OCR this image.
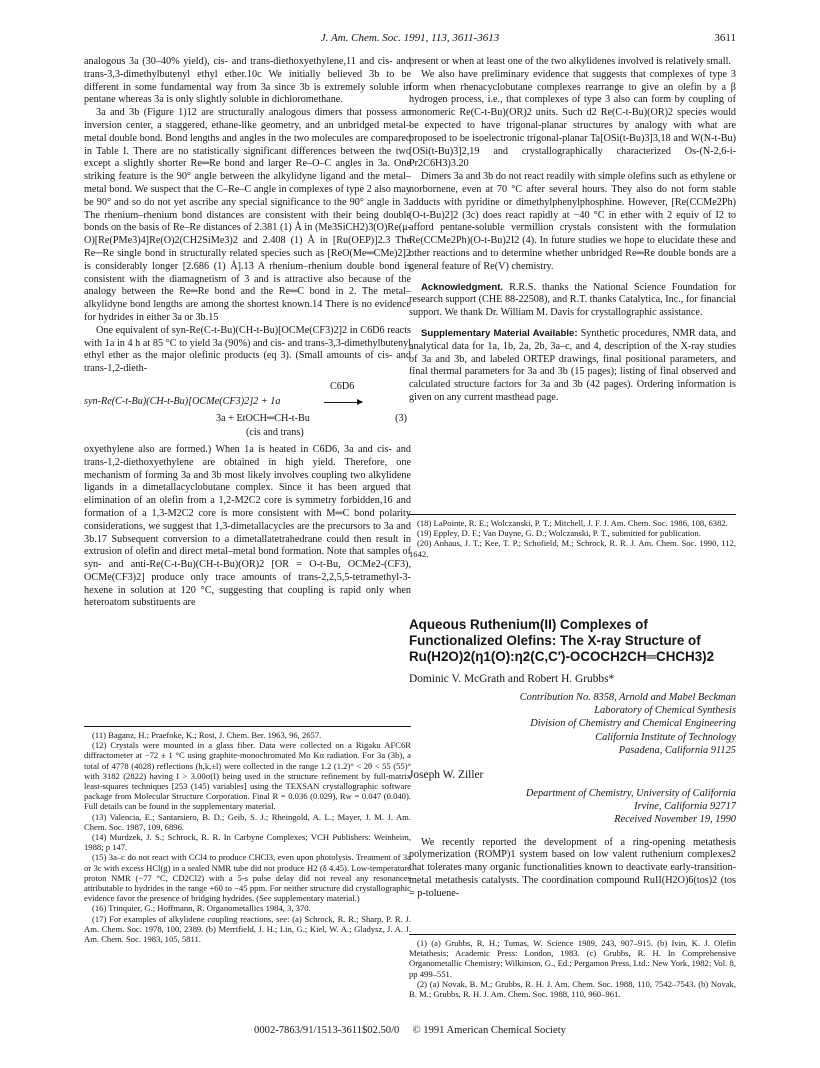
J. Am. Chem. Soc. 1991, 113, 3611-3613	3611

analogous 3a (30–40% yield), cis- and trans-diethoxyethylene,11 and cis- and trans-3,3-dimethylbutenyl ethyl ether.10c We initially believed 3b to be different in some fundamental way from 3a since 3b is extremely soluble in pentane whereas 3a is only slightly soluble in dichloromethane.

3a and 3b (Figure 1)12 are structurally analogous dimers that possess an inversion center, a staggered, ethane-like geometry, and an unbridged metal–metal double bond. Bond lengths and angles in the two molecules are compared in Table I. There are no statistically significant differences between the two except a slightly shorter Re═Re bond and larger Re–O–C angles in 3a. One striking feature is the 90° angle between the alkylidyne ligand and the metal–metal bond. We suspect that the C–Re–C angle in complexes of type 2 also may be 90° and so do not yet ascribe any special significance to the 90° angle in 3. The rhenium–rhenium bond distances are consistent with their being double bonds on the basis of Re–Re distances of 2.381 (1) Å in (Me3SiCH2)3(O)Re(μ-O)[Re(PMe3)4]Re(O)2(CH2SiMe3)2 and 2.408 (1) Å in [Ru(OEP)]2.3 The Re─Re single bond in structurally related species such as [ReO(Me═CMe)2]2 is considerably longer [2.686 (1) Å].13 A rhenium–rhenium double bond is consistent with the diamagnetism of 3 and is attractive also because of the analogy between the Re═Re bond and the Re═C bond in 2. The metal–alkylidyne bond lengths are among the shortest known.14 There is no evidence for hydrides in either 3a or 3b.15

One equivalent of syn-Re(C-t-Bu)(CH-t-Bu)[OCMe(CF3)2]2 in C6D6 reacts with 1a in 4 h at 85 °C to yield 3a (90%) and cis- and trans-3,3-dimethylbutenyl ethyl ether as the major olefinic products (eq 3). (Small amounts of cis- and trans-1,2-dieth-

syn-Re(C-t-Bu)(CH-t-Bu)[OCMe(CF3)2]2 + 1a
C6D6
3a + EtOCH═CH-t-Bu	(3)
(cis and trans)

oxyethylene also are formed.) When 1a is heated in C6D6, 3a and cis- and trans-1,2-diethoxyethylene are obtained in high yield. Therefore, one mechanism of forming 3a and 3b most likely involves coupling two alkylidene ligands in a dimetallacyclobutane complex. Since it has been argued that elimination of an olefin from a 1,2-M2C2 core is symmetry forbidden,16 and formation of a 1,3-M2C2 core is more consistent with M═C bond polarity considerations, we suggest that 1,3-dimetallacycles are the precursors to 3a and 3b.17 Subsequent conversion to a dimetallatetrahedrane could then result in extrusion of olefin and direct metal–metal bond formation. Note that samples of syn- and anti-Re(C-t-Bu)(CH-t-Bu)(OR)2 [OR = O-t-Bu, OCMe2-(CF3), OCMe(CF3)2] produce only trace amounts of trans-2,2,5,5-tetramethyl-3-hexene in solution at 120 °C, suggesting that coupling is rapid only when heteroatom substituents are

(11) Baganz, H.; Praefoke, K.; Rost, J. Chem. Ber. 1963, 96, 2657.

(12) Crystals were mounted in a glass fiber. Data were collected on a Rigaku AFC6R diffractometer at −72 ± 1 °C using graphite-monochromated Mo Kα radiation. For 3a (3b), a total of 4778 (4028) reflections (h,k,±l) were collected in the range 1.2 (1.2)° < 2θ < 55 (55)° with 3182 (2822) having I > 3.00σ(I) being used in the structure refinement by full-matrix least-squares techniques [253 (145) variables] using the TEXSAN crystallographic software package from Molecular Structure Corporation. Final R = 0.036 (0.029), Rw = 0.047 (0.040). Full details can be found in the supplementary material.

(13) Valencia, E.; Santarsiero, B. D.; Geib, S. J.; Rheingold, A. L.; Mayer, J. M. J. Am. Chem. Soc. 1987, 109, 6896.

(14) Murdzek, J. S.; Schrock, R. R. In Carbyne Complexes; VCH Publishers: Weinheim, 1988; p 147.

(15) 3a–c do not react with CCl4 to produce CHCl3, even upon photolysis. Treatment of 3a or 3c with excess HCl(g) in a sealed NMR tube did not produce H2 (δ 4.45). Low-temperature proton NMR (−77 °C, CD2Cl2) with a 5-s pulse delay did not reveal any resonances attributable to hydrides in the range +60 to −45 ppm. For neither structure did crystallographic evidence favor the presence of bridging hydrides. (See supplementary material.)

(16) Trinquier, G.; Hoffmann, R. Organometallics 1984, 3, 370.

(17) For examples of alkylidene coupling reactions, see: (a) Schrock, R. R.; Sharp, P. R. J. Am. Chem. Soc. 1978, 100, 2389. (b) Merrifield, J. H.; Lin, G.; Kiel, W. A.; Gladysz, J. A. J. Am. Chem. Soc. 1983, 105, 5811.

present or when at least one of the two alkylidenes involved is relatively small.

We also have preliminary evidence that suggests that complexes of type 3 form when rhenacyclobutane complexes rearrange to give an olefin by a β hydrogen process, i.e., that complexes of type 3 also can form by coupling of monomeric Re(C-t-Bu)(OR)2 units. Such d2 Re(C-t-Bu)(OR)2 species would be expected to have trigonal-planar structures by analogy with what are proposed to be isoelectronic trigonal-planar Ta[OSi(t-Bu)3]3,18 and W(N-t-Bu)[OSi(t-Bu)3]2,19 and crystallographically characterized Os-(N-2,6-i-Pr2C6H3)3.20

Dimers 3a and 3b do not react readily with simple olefins such as ethylene or norbornene, even at 70 °C after several hours. They also do not form stable adducts with pyridine or dimethylphenylphosphine. However, [Re(CCMe2Ph)(O-t-Bu)2]2 (3c) does react rapidly at −40 °C in ether with 2 equiv of I2 to afford pentane-soluble vermillion crystals consistent with the formulation Re(CCMe2Ph)(O-t-Bu)2I2 (4). In future studies we hope to elucidate these and other reactions and to determine whether unbridged Re═Re double bonds are a general feature of Re(V) chemistry.

Acknowledgment. R.R.S. thanks the National Science Foundation for research support (CHE 88-22508), and R.T. thanks Catalytica, Inc., for financial support. We thank Dr. William M. Davis for crystallographic assistance.

Supplementary Material Available: Synthetic procedures, NMR data, and analytical data for 1a, 1b, 2a, 2b, 3a–c, and 4, description of the X-ray studies of 3a and 3b, and labeled ORTEP drawings, final positional parameters, and final thermal parameters for 3a and 3b (15 pages); listing of final observed and calculated structure factors for 3a and 3b (42 pages). Ordering information is given on any current masthead page.

(18) LaPointe, R. E.; Wolczanski, P. T.; Mitchell, J. F. J. Am. Chem. Soc. 1986, 108, 6382.

(19) Eppley, D. F.; Van Duyne, G. D.; Wolczanski, P. T., submitted for publication.

(20) Anhaus, J. T.; Kee, T. P.; Schofield, M.; Schrock, R. R. J. Am. Chem. Soc. 1990, 112, 1642.

Aqueous Ruthenium(II) Complexes of Functionalized Olefins: The X-ray Structure of Ru(H2O)2(η1(O):η2(C,C′)-OCOCH2CH═CHCH3)2
Dominic V. McGrath and Robert H. Grubbs*
Contribution No. 8358, Arnold and Mabel Beckman
Laboratory of Chemical Synthesis
Division of Chemistry and Chemical Engineering
California Institute of Technology
Pasadena, California 91125
Joseph W. Ziller
Department of Chemistry, University of California
Irvine, California 92717
Received November 19, 1990
We recently reported the development of a ring-opening metathesis polymerization (ROMP)1 system based on low valent ruthenium complexes2 that tolerates many organic functionalities known to deactivate early-transition-metal metathesis catalysts. The coordination compound RuII(H2O)6(tos)2 (tos = p-toluene-

(1) (a) Grubbs, R. H.; Tumas, W. Science 1989, 243, 907–915. (b) Ivin, K. J. Olefin Metathesis; Academic Press: London, 1983. (c) Grubbs, R. H. In Comprehensive Organometallic Chemistry; Wilkinson, G., Ed.; Pergamon Press, Ltd.: New York, 1982; Vol. 8, pp 499–551.

(2) (a) Novak, B. M.; Grubbs, R. H. J. Am. Chem. Soc. 1988, 110, 7542–7543. (b) Novak, B. M.; Grubbs, R. H. J. Am. Chem. Soc. 1988, 110, 960–961.

0002-7863/91/1513-3611$02.50/0 © 1991 American Chemical Society
